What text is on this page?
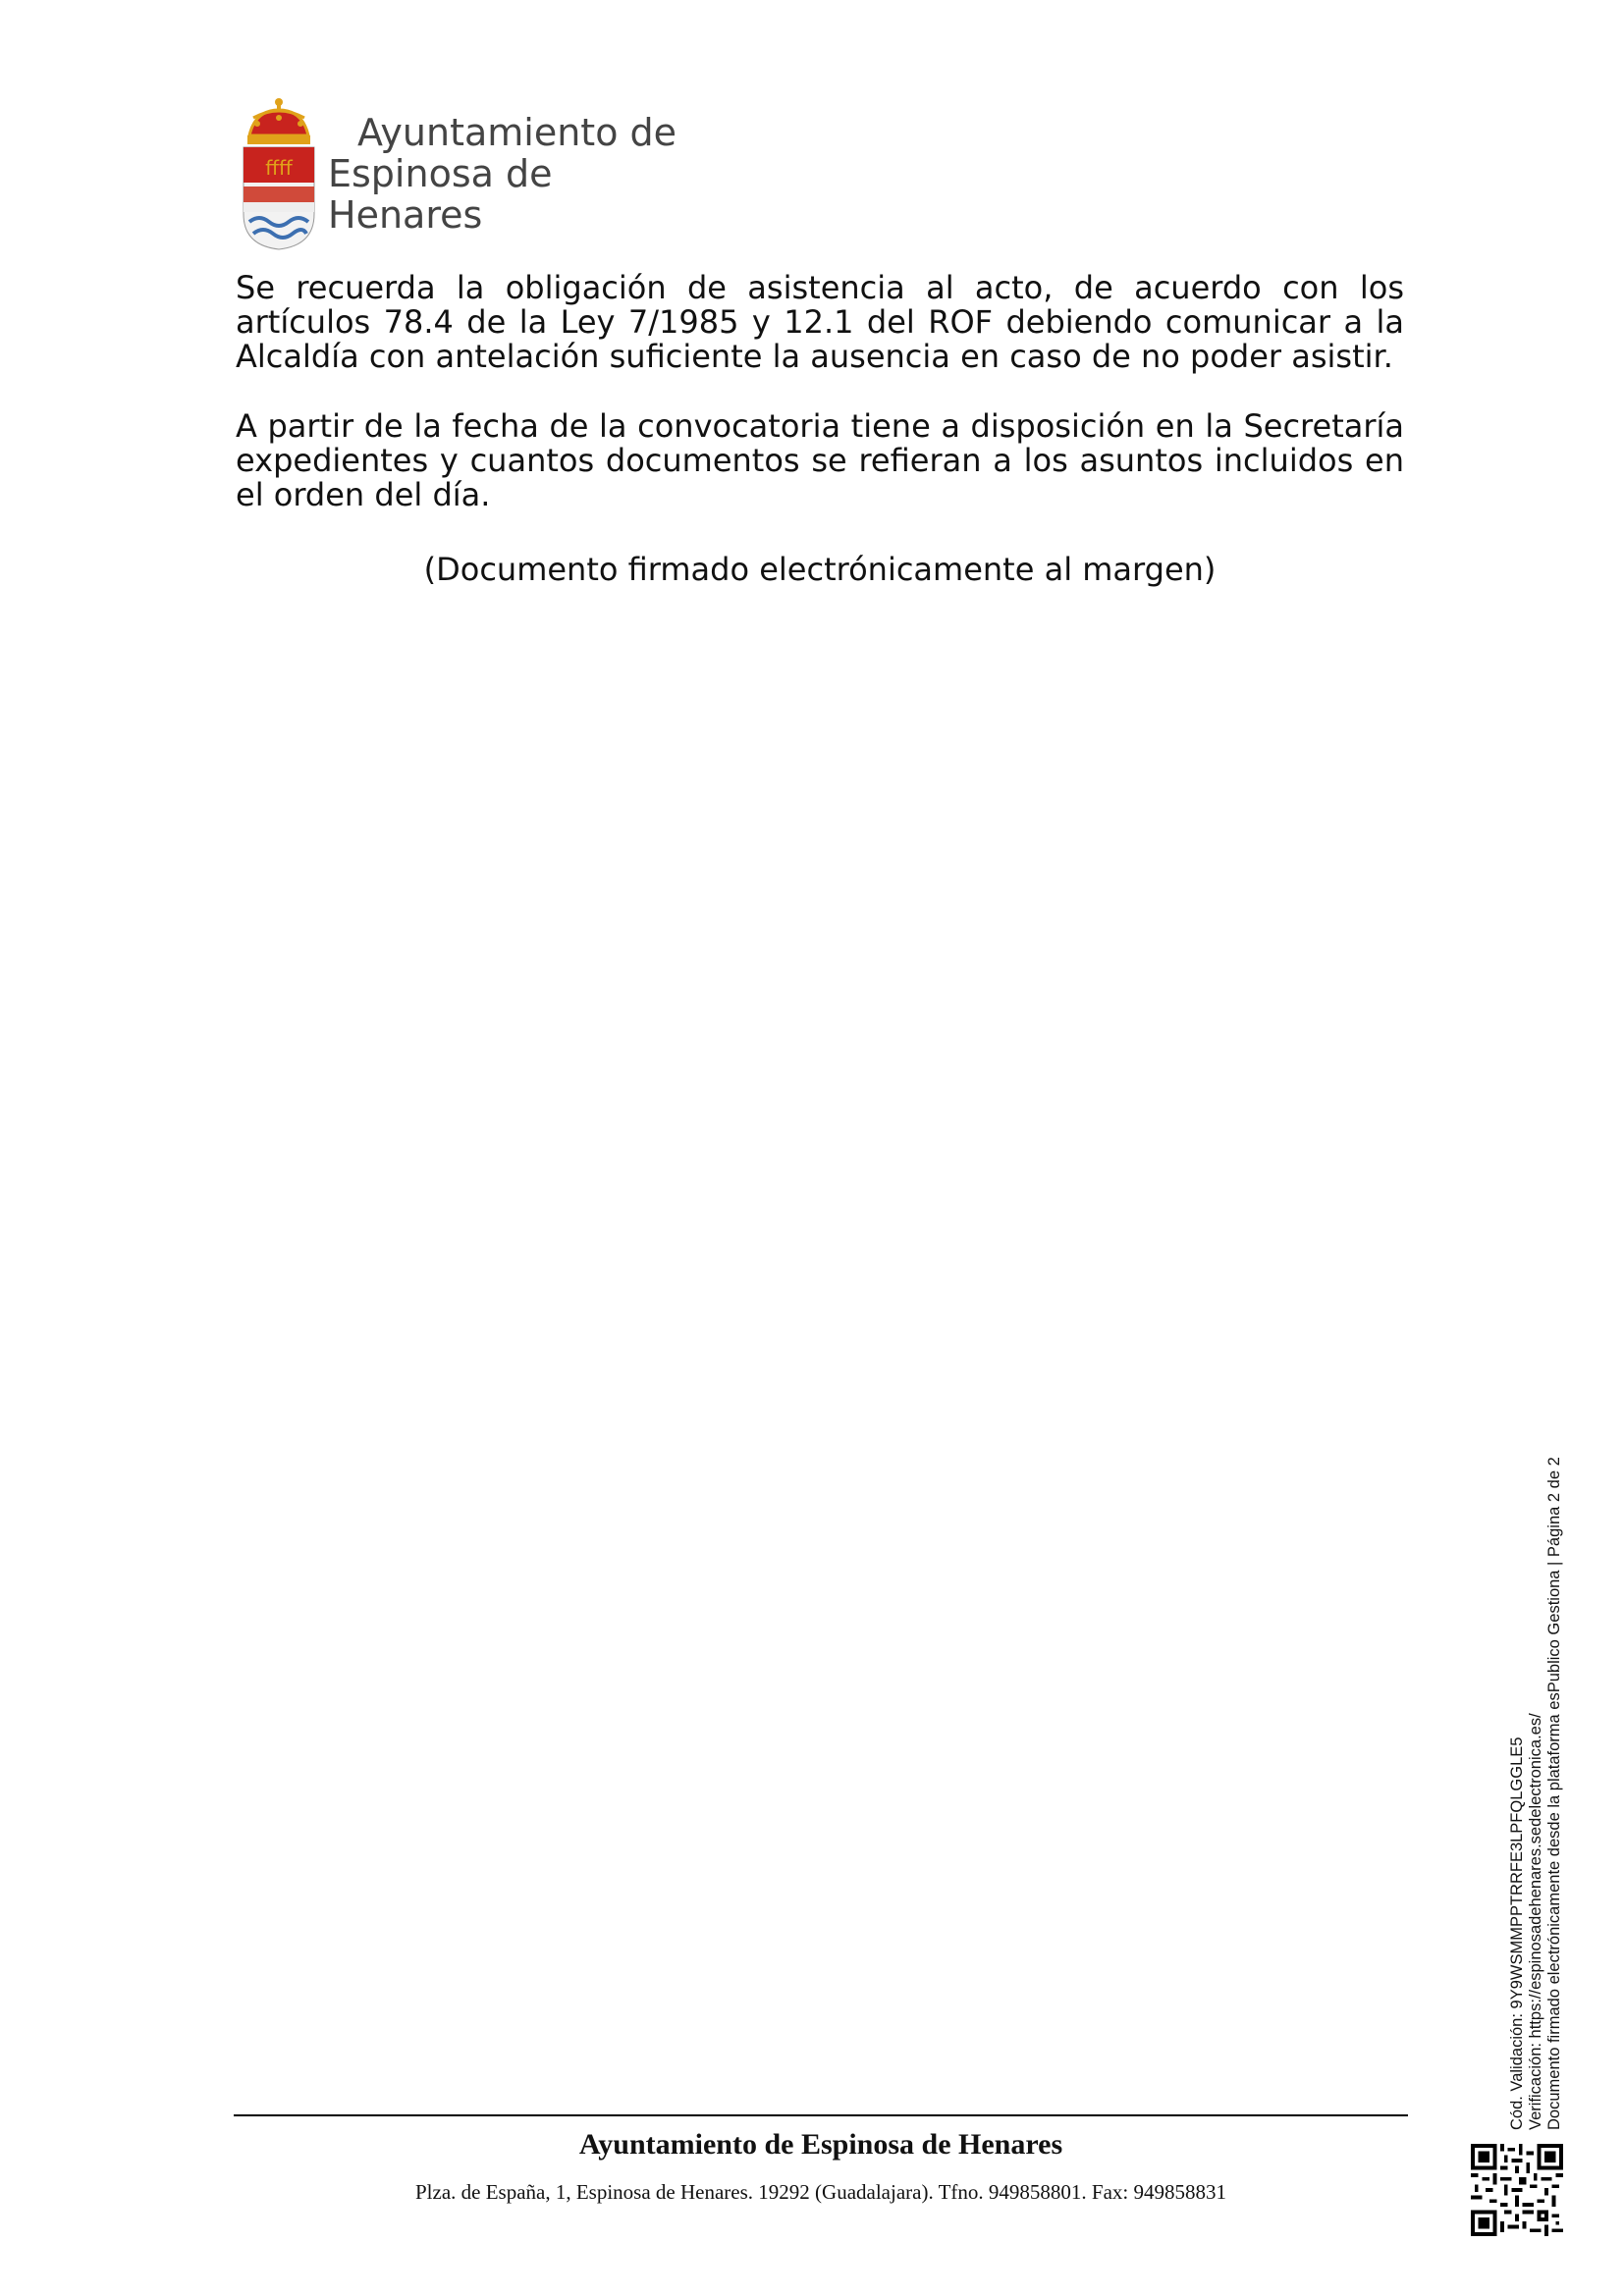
ffff
Ayuntamiento de
Espinosa de Henares

Se recuerda la obligación de asistencia al acto, de acuerdo con los artículos 78.4 de la Ley 7/1985 y 12.1 del ROF debiendo comunicar a la Alcaldía con antelación suficiente la ausencia en caso de no poder asistir.

A partir de la fecha de la convocatoria tiene a disposición en la Secretaría expedientes y cuantos documentos se refieran a los asuntos incluidos en el orden del día.

(Documento firmado electrónicamente al margen)
Cód. Validación: 9Y9WSMMPPTRRFE3LPFQLGGLE5 Verificación: https://espinosadehenares.sedelectronica.es/ Documento firmado electrónicamente desde la plataforma esPublico Gestiona | Página 2 de 2
Ayuntamiento de Espinosa de Henares
Plza. de España, 1, Espinosa de Henares. 19292 (Guadalajara). Tfno. 949858801. Fax: 949858831
